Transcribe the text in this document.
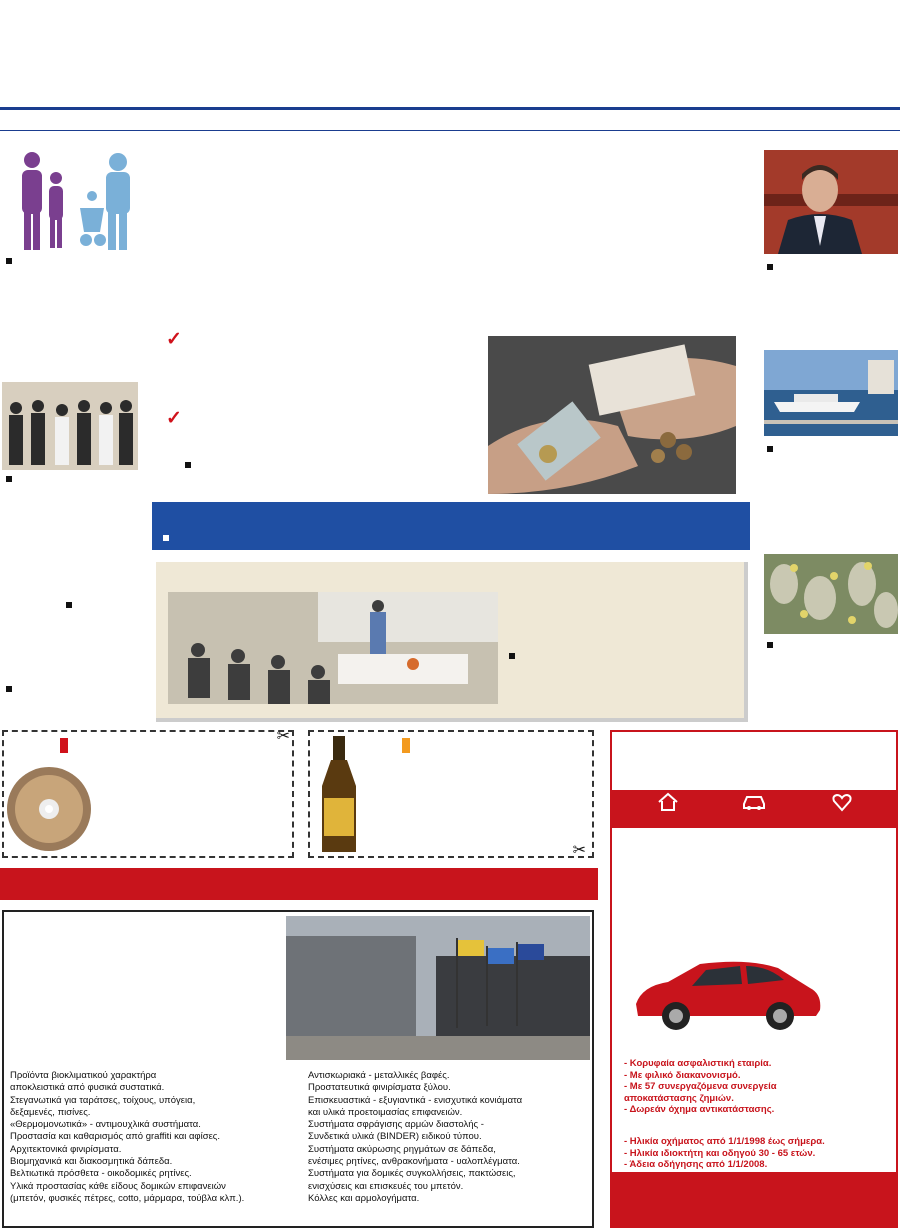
✓

✓

✂
✂
Προϊόντα βιοκλιματικού χαρακτήρα
αποκλειστικά από φυσικά συστατικά.
Στεγανωτικά για ταράτσες, τοίχους, υπόγεια,
δεξαμενές, πισίνες.
«Θερμομονωτικά» - αντιμουχλικά συστήματα.
Προστασία και καθαρισμός από graffiti και αφίσες.
Αρχιτεκτονικά φινιρίσματα.
Βιομηχανικά και διακοσμητικά δάπεδα.
Βελτιωτικά πρόσθετα - οικοδομικές ρητίνες.
Υλικά προστασίας κάθε είδους δομικών επιφανειών
(μπετόν, φυσικές πέτρες, cotto, μάρμαρα, τούβλα κλπ.).
Αντισκωριακά - μεταλλικές βαφές.
Προστατευτικά φινιρίσματα ξύλου.
Επισκευαστικά - εξυγιαντικά - ενισχυτικά κονιάματα
και υλικά προετοιμασίας επιφανειών.
Συστήματα σφράγισης αρμών διαστολής -
Συνδετικά υλικά (BINDER) ειδικού τύπου.
Συστήματα ακύρωσης ρηγμάτων σε δάπεδα,
ενέσιμες ρητίνες, ανθρακονήματα - υαλοπλέγματα.
Συστήματα για δομικές συγκολλήσεις, πακτώσεις,
ενισχύσεις και επισκευές του μπετόν.
Κόλλες και αρμολογήματα.
- Κορυφαία ασφαλιστική εταιρία.
- Με φιλικό διακανονισμό.
- Με 57 συνεργαζόμενα συνεργεία
αποκατάστασης ζημιών.
- Δωρεάν όχημα αντικατάστασης.
- Ηλικία οχήματος από 1/1/1998 έως σήμερα.
- Ηλικία ιδιοκτήτη και οδηγού 30 - 65 ετών.
- Άδεια οδήγησης από 1/1/2008.
